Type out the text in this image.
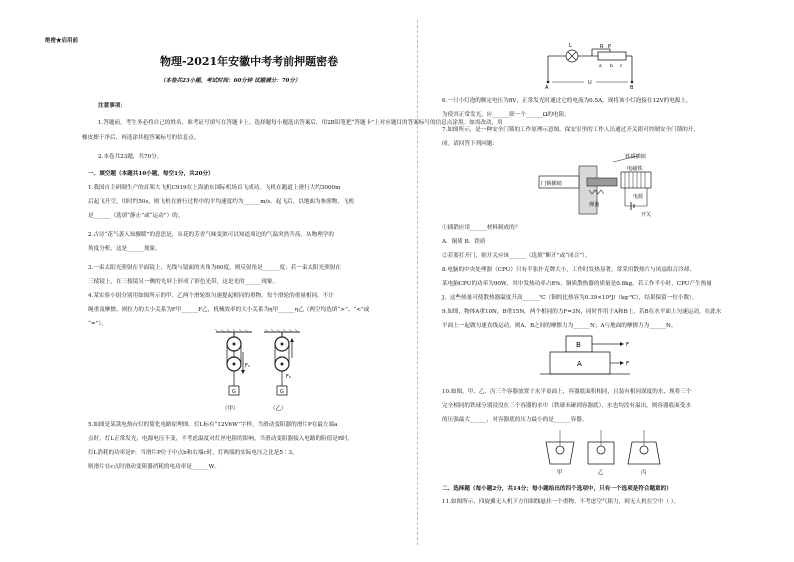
绝密★启用前
物理-2021年安徽中考考前押题密卷
（本卷共23小题，考试时间：60分钟 试题满分：70分）
注意事项：
1.答题前，考生务必将自己的姓名、准考证号填写在答题卡上。选择题每小题选出答案后，用2B铅笔把“答题卡”上对应题目的答案标号的信息点涂黑。如需改动，用
橡皮擦干净后，再选涂其他答案标号的信息点。
2.本卷共23题，共70分。
一、填空题（本题共10小题，每空1分，共20分）
1.我国自主研制生产的首架大飞机C919在上海浦东国际机场首飞成功。飞机在跑道上滑行大约3000m
后起飞升空，用时约50s，则飞机在滑行过程中的平均速度约为______m/s。起飞后，以地面为参照物，飞机
是______（选填“静止”或“运动”）的。
2.古诗“花气袭人知骤暖”的意思是，从花的芳香气味变浓可以知道周边的气温突然升高。从物理学的
角度分析，这是______现象。
3.一束太阳光照射在平面镜上，光线与镜面的夹角为60度，则反射角是______度；若一束太阳光照射在
三棱镜上，在三棱镜另一侧的光屏上形成了彩色光带，这是光的______现象。
4.某实验小组分别用如图所示的甲、乙两个滑轮组匀速提起相同的重物。每个滑轮的重量相同，不计
绳重及摩擦，则拉力的大小关系为F甲______F乙，机械效率的大小关系为η甲______η乙（两空均选填“>”、“<”或
“=”）。
F₁
G
（甲）
F₂
G
（乙）
5.如图是某款电热台灯的简化电路原理图。灯L标有“12V6W”字样，当滑动变阻器的滑片P在最左端a
点时，灯L正常发光，电源电压不变，不考虑温度对灯丝电阻的影响。当滑动变阻器接入电路的阻值是R时，
灯L消耗的功率是P；当滑片P位于中点b和右端c时，灯两端的实际电压之比是5∶3，
则滑片在c点时滑动变阻器消耗的电功率是______W。
L	R P
a b c
A	B
U
6.一只小灯泡的额定电压为8V，正常发光时通过它的电流为0.5A，现将该小灯泡接在12V的电源上，
为使其正常发光，应______联一个______Ω的电阻。
7.如图所示，是一种安全门锁的工作原理示意图。保安室里的工作人员通过开关即可控制安全门锁的开、
闭。请回答下列问题：
门锁插销
弹簧
铁质插销
电磁铁
电源
开关
①插销应用______材料制成的？
A．铜质 B．铁质
②若要打开门，则开关应该______（选填“断开”或“闭合”）。
8.电脑的中央处理器（CPU）只有半张扑克牌大小，工作时发热显著，常采用散热片与风扇组合冷却，
某电脑CPU的功率为90W，其中发热功率占8%，铜质散热器的质量是0.8kg，若工作半小时，CPU产生热量
J，这些热量可使散热器温度升高______℃（铜的比热容为0.39×10³J/（kg·℃），结果保留一位小数）。
9.如图，物体A重10N，B重15N。两个相同的力F=3N，同时作用于A和B上，若B在水平面上匀速运动，在此水
平面上一起做匀速直线运动，则A、B之间的摩擦力为______N；A与地面的摩擦力为______N。
B
A
F
F
10.如图，甲、乙、丙三个容器放置于水平桌面上，容器底面积相同，且装有相同深度的水，现将三个
完全相同的铁球分别浸没在三个容器的水中（铁球未碰到容器底），水也均没有溢出，则容器底面受水
的压强最大______，对容器底的压力最小的是______容器。
甲	乙	丙
二、选择题（每小题2分，共14分；每小题给出的四个选项中，只有一个选项是符合题意的）
11.如图所示，四旋翼无人机下方用细线悬挂一个重物，不考虑空气阻力，则无人机在空中（ ）。
